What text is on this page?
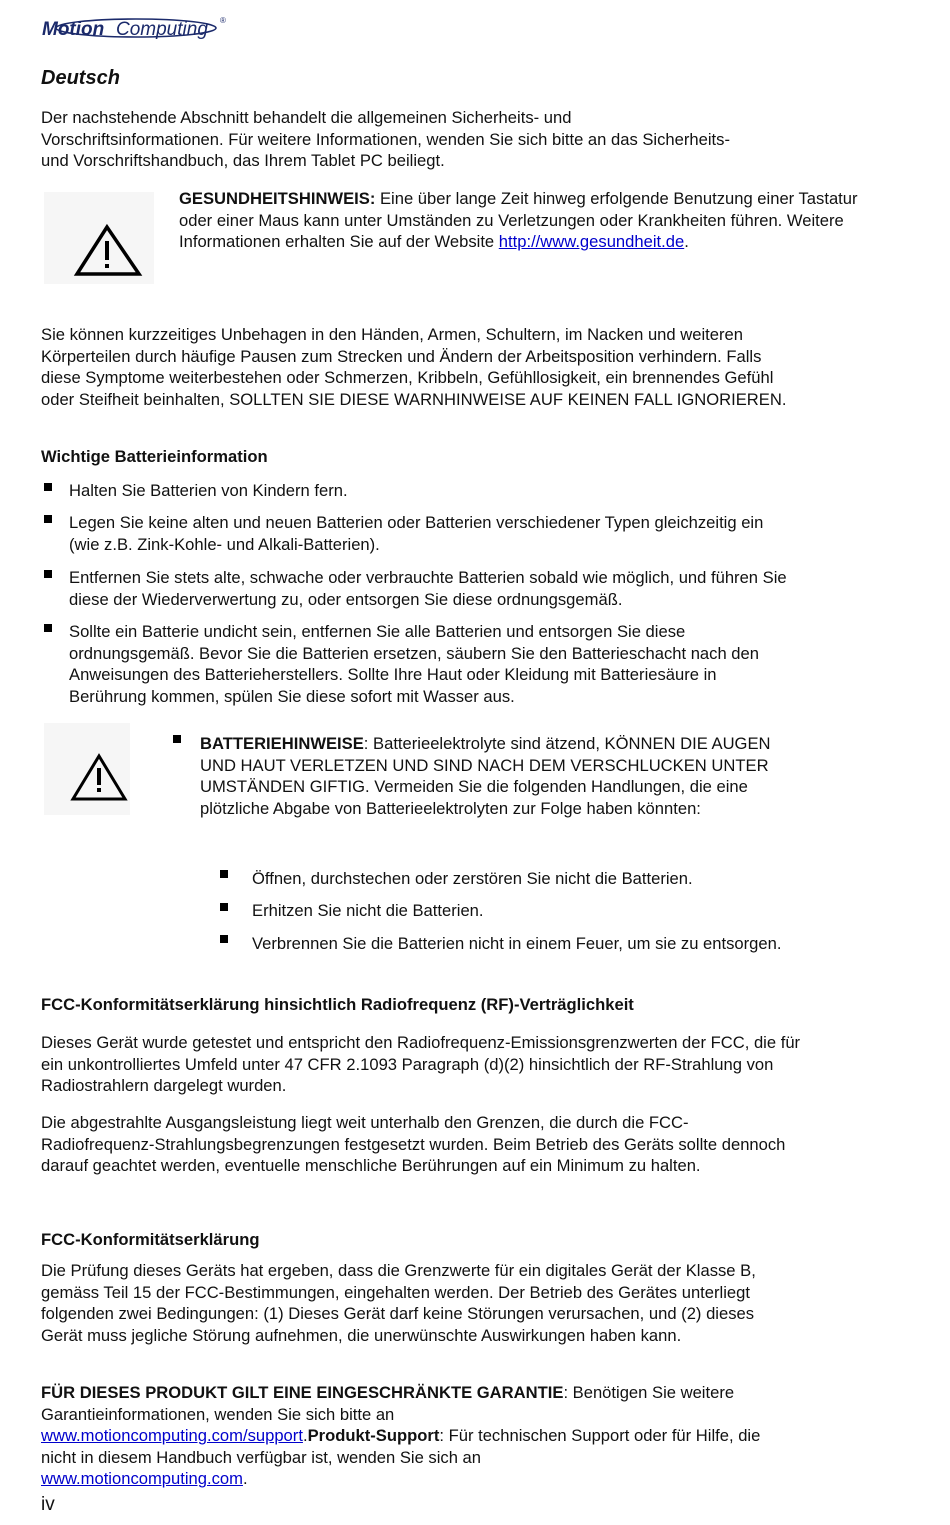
Motion Computing ®
Deutsch

Der nachstehende Abschnitt behandelt die allgemeinen Sicherheits- und Vorschriftsinformationen. Für weitere Informationen, wenden Sie sich bitte an das Sicherheits- und Vorschriftshandbuch, das Ihrem Tablet PC beiliegt.

GESUNDHEITSHINWEIS: Eine über lange Zeit hinweg erfolgende Benutzung einer Tastatur oder einer Maus kann unter Umständen zu Verletzungen oder Krankheiten führen. Weitere Informationen erhalten Sie auf der Website http://www.gesundheit.de.

Sie können kurzzeitiges Unbehagen in den Händen, Armen, Schultern, im Nacken und weiteren Körperteilen durch häufige Pausen zum Strecken und Ändern der Arbeitsposition verhindern. Falls diese Symptome weiterbestehen oder Schmerzen, Kribbeln, Gefühllosigkeit, ein brennendes Gefühl oder Steifheit beinhalten, SOLLTEN SIE DIESE WARNHINWEISE AUF KEINEN FALL IGNORIEREN.

Wichtige Batterieinformation

Halten Sie Batterien von Kindern fern.

Legen Sie keine alten und neuen Batterien oder Batterien verschiedener Typen gleichzeitig ein (wie z.B. Zink-Kohle- und Alkali-Batterien).

Entfernen Sie stets alte, schwache oder verbrauchte Batterien sobald wie möglich, und führen Sie diese der Wiederverwertung zu, oder entsorgen Sie diese ordnungsgemäß.

Sollte ein Batterie undicht sein, entfernen Sie alle Batterien und entsorgen Sie diese ordnungsgemäß. Bevor Sie die Batterien ersetzen, säubern Sie den Batterieschacht nach den Anweisungen des Batterieherstellers. Sollte Ihre Haut oder Kleidung mit Batteriesäure in Berührung kommen, spülen Sie diese sofort mit Wasser aus.

BATTERIEHINWEISE: Batterieelektrolyte sind ätzend, KÖNNEN DIE AUGEN UND HAUT VERLETZEN UND SIND NACH DEM VERSCHLUCKEN UNTER UMSTÄNDEN GIFTIG. Vermeiden Sie die folgenden Handlungen, die eine plötzliche Abgabe von Batterieelektrolyten zur Folge haben könnten:

Öffnen, durchstechen oder zerstören Sie nicht die Batterien.

Erhitzen Sie nicht die Batterien.

Verbrennen Sie die Batterien nicht in einem Feuer, um sie zu entsorgen.

FCC-Konformitätserklärung hinsichtlich Radiofrequenz (RF)-Verträglichkeit

Dieses Gerät wurde getestet und entspricht den Radiofrequenz-Emissionsgrenzwerten der FCC, die für ein unkontrolliertes Umfeld unter 47 CFR 2.1093 Paragraph (d)(2) hinsichtlich der RF-Strahlung von Radiostrahlern dargelegt wurden.

Die abgestrahlte Ausgangsleistung liegt weit unterhalb den Grenzen, die durch die FCC-Radiofrequenz-Strahlungsbegrenzungen festgesetzt wurden. Beim Betrieb des Geräts sollte dennoch darauf geachtet werden, eventuelle menschliche Berührungen auf ein Minimum zu halten.

FCC-Konformitätserklärung

Die Prüfung dieses Geräts hat ergeben, dass die Grenzwerte für ein digitales Gerät der Klasse B, gemäss Teil 15 der FCC-Bestimmungen, eingehalten werden. Der Betrieb des Gerätes unterliegt folgenden zwei Bedingungen: (1) Dieses Gerät darf keine Störungen verursachen, und (2) dieses Gerät muss jegliche Störung aufnehmen, die unerwünschte Auswirkungen haben kann.

FÜR DIESES PRODUKT GILT EINE EINGESCHRÄNKTE GARANTIE: Benötigen Sie weitere Garantieinformationen, wenden Sie sich bitte an
www.motioncomputing.com/support.Produkt-Support: Für technischen Support oder für Hilfe, die nicht in diesem Handbuch verfügbar ist, wenden Sie sich an
www.motioncomputing.com.

iv
